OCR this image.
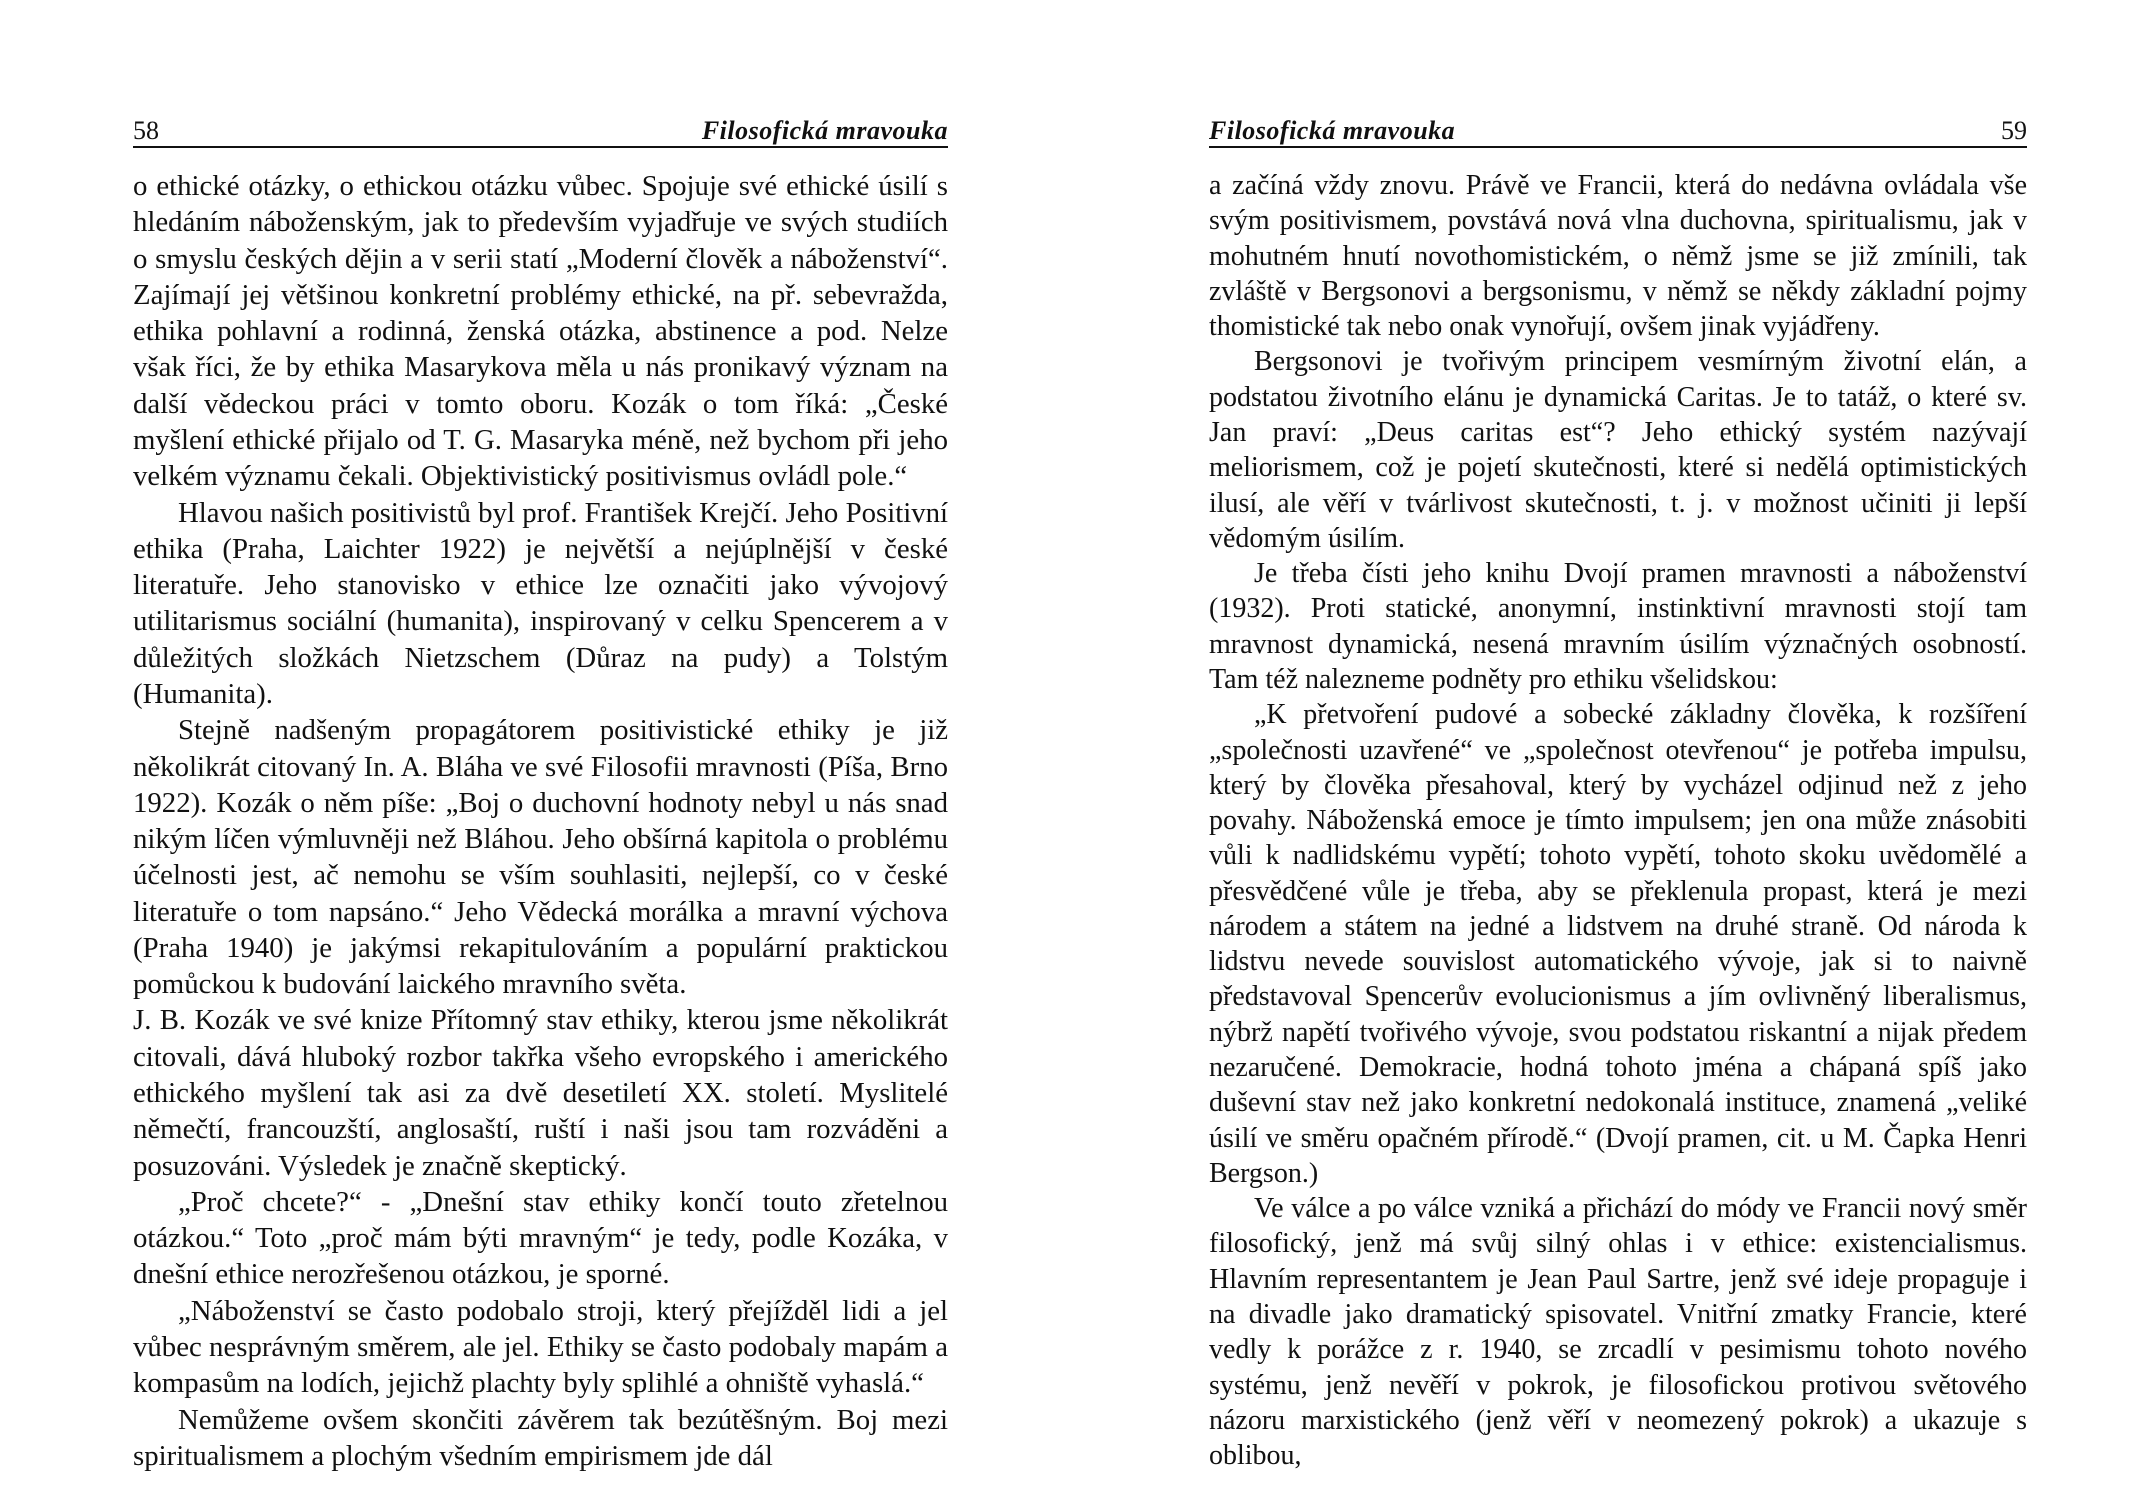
58	Filosofická mravouka

o ethické otázky, o ethickou otázku vůbec. Spojuje své ethické úsilí s hledáním náboženským, jak to především vyjadřuje ve svých studiích o smyslu českých dějin a v serii statí „Moderní člověk a náboženství“. Zajímají jej většinou konkretní problémy ethické, na př. sebevražda, ethika pohlavní a rodinná, ženská otázka, abstinence a pod. Nelze však říci, že by ethika Masarykova měla u nás pronikavý význam na další vědeckou práci v tomto oboru. Kozák o tom říká: „České myšlení ethické přijalo od T. G. Masaryka méně, než bychom při jeho velkém významu čekali. Objektivistický positivismus ovládl pole.“

Hlavou našich positivistů byl prof. František Krejčí. Jeho Positivní ethika (Praha, Laichter 1922) je největší a nejúplnější v české literatuře. Jeho stanovisko v ethice lze označiti jako vývojový utilitarismus sociální (humanita), inspirovaný v celku Spencerem a v důležitých složkách Nietzschem (Důraz na pudy) a Tolstým (Humanita).

Stejně nadšeným propagátorem positivistické ethiky je již několikrát citovaný In. A. Bláha ve své Filosofii mravnosti (Píša, Brno 1922). Kozák o něm píše: „Boj o duchovní hodnoty nebyl u nás snad nikým líčen výmluvněji než Bláhou. Jeho obšírná kapitola o problému účelnosti jest, ač nemohu se vším souhlasiti, nejlepší, co v české literatuře o tom napsáno.“ Jeho Vědecká morálka a mravní výchova (Praha 1940) je jakýmsi rekapitulováním a populární praktickou pomůckou k budování laického mravního světa.

J. B. Kozák ve své knize Přítomný stav ethiky, kterou jsme několikrát citovali, dává hluboký rozbor takřka všeho evropského i amerického ethického myšlení tak asi za dvě desetiletí XX. století. Myslitelé němečtí, francouzští, anglosaští, ruští i naši jsou tam rozváděni a posuzováni. Výsledek je značně skeptický.

„Proč chcete?“ - „Dnešní stav ethiky končí touto zřetelnou otázkou.“ Toto „proč mám býti mravným“ je tedy, podle Kozáka, v dnešní ethice nerozřešenou otázkou, je sporné.

„Náboženství se často podobalo stroji, který přejížděl lidi a jel vůbec nesprávným směrem, ale jel. Ethiky se často podobaly mapám a kompasům na lodích, jejichž plachty byly splihlé a ohniště vyhaslá.“

Nemůžeme ovšem skončiti závěrem tak bezútěšným. Boj mezi spiritualismem a plochým všedním empirismem jde dál

Filosofická mravouka	59

a začíná vždy znovu. Právě ve Francii, která do nedávna ovládala vše svým positivismem, povstává nová vlna duchovna, spiritualismu, jak v mohutném hnutí novothomistickém, o němž jsme se již zmínili, tak zvláště v Bergsonovi a bergsonismu, v němž se někdy základní pojmy thomistické tak nebo onak vynořují, ovšem jinak vyjádřeny.

Bergsonovi je tvořivým principem vesmírným životní elán, a podstatou životního elánu je dynamická Caritas. Je to tatáž, o které sv. Jan praví: „Deus caritas est“? Jeho ethický systém nazývají meliorismem, což je pojetí skutečnosti, které si nedělá optimistických ilusí, ale věří v tvárlivost skutečnosti, t. j. v možnost učiniti ji lepší vědomým úsilím.

Je třeba čísti jeho knihu Dvojí pramen mravnosti a náboženství (1932). Proti statické, anonymní, instinktivní mravnosti stojí tam mravnost dynamická, nesená mravním úsilím význačných osobností. Tam též nalezneme podněty pro ethiku všelidskou:

„K přetvoření pudové a sobecké základny člověka, k rozšíření „společnosti uzavřené“ ve „společnost otevřenou“ je potřeba impulsu, který by člověka přesahoval, který by vycházel odjinud než z jeho povahy. Náboženská emoce je tímto impulsem; jen ona může znásobiti vůli k nadlidskému vypětí; tohoto vypětí, tohoto skoku uvědomělé a přesvědčené vůle je třeba, aby se překlenula propast, která je mezi národem a státem na jedné a lidstvem na druhé straně. Od národa k lidstvu nevede souvislost automatického vývoje, jak si to naivně představoval Spencerův evolucionismus a jím ovlivněný liberalismus, nýbrž napětí tvořivého vývoje, svou podstatou riskantní a nijak předem nezaručené. Demokracie, hodná tohoto jména a chápaná spíš jako duševní stav než jako konkretní nedokonalá instituce, znamená „veliké úsilí ve směru opačném přírodě.“ (Dvojí pramen, cit. u M. Čapka Henri Bergson.)

Ve válce a po válce vzniká a přichází do módy ve Francii nový směr filosofický, jenž má svůj silný ohlas i v ethice: existencialismus. Hlavním representantem je Jean Paul Sartre, jenž své ideje propaguje i na divadle jako dramatický spisovatel. Vnitřní zmatky Francie, které vedly k porážce z r. 1940, se zrcadlí v pesimismu tohoto nového systému, jenž nevěří v pokrok, je filosofickou protivou světového názoru marxistického (jenž věří v neomezený pokrok) a ukazuje s oblibou,
